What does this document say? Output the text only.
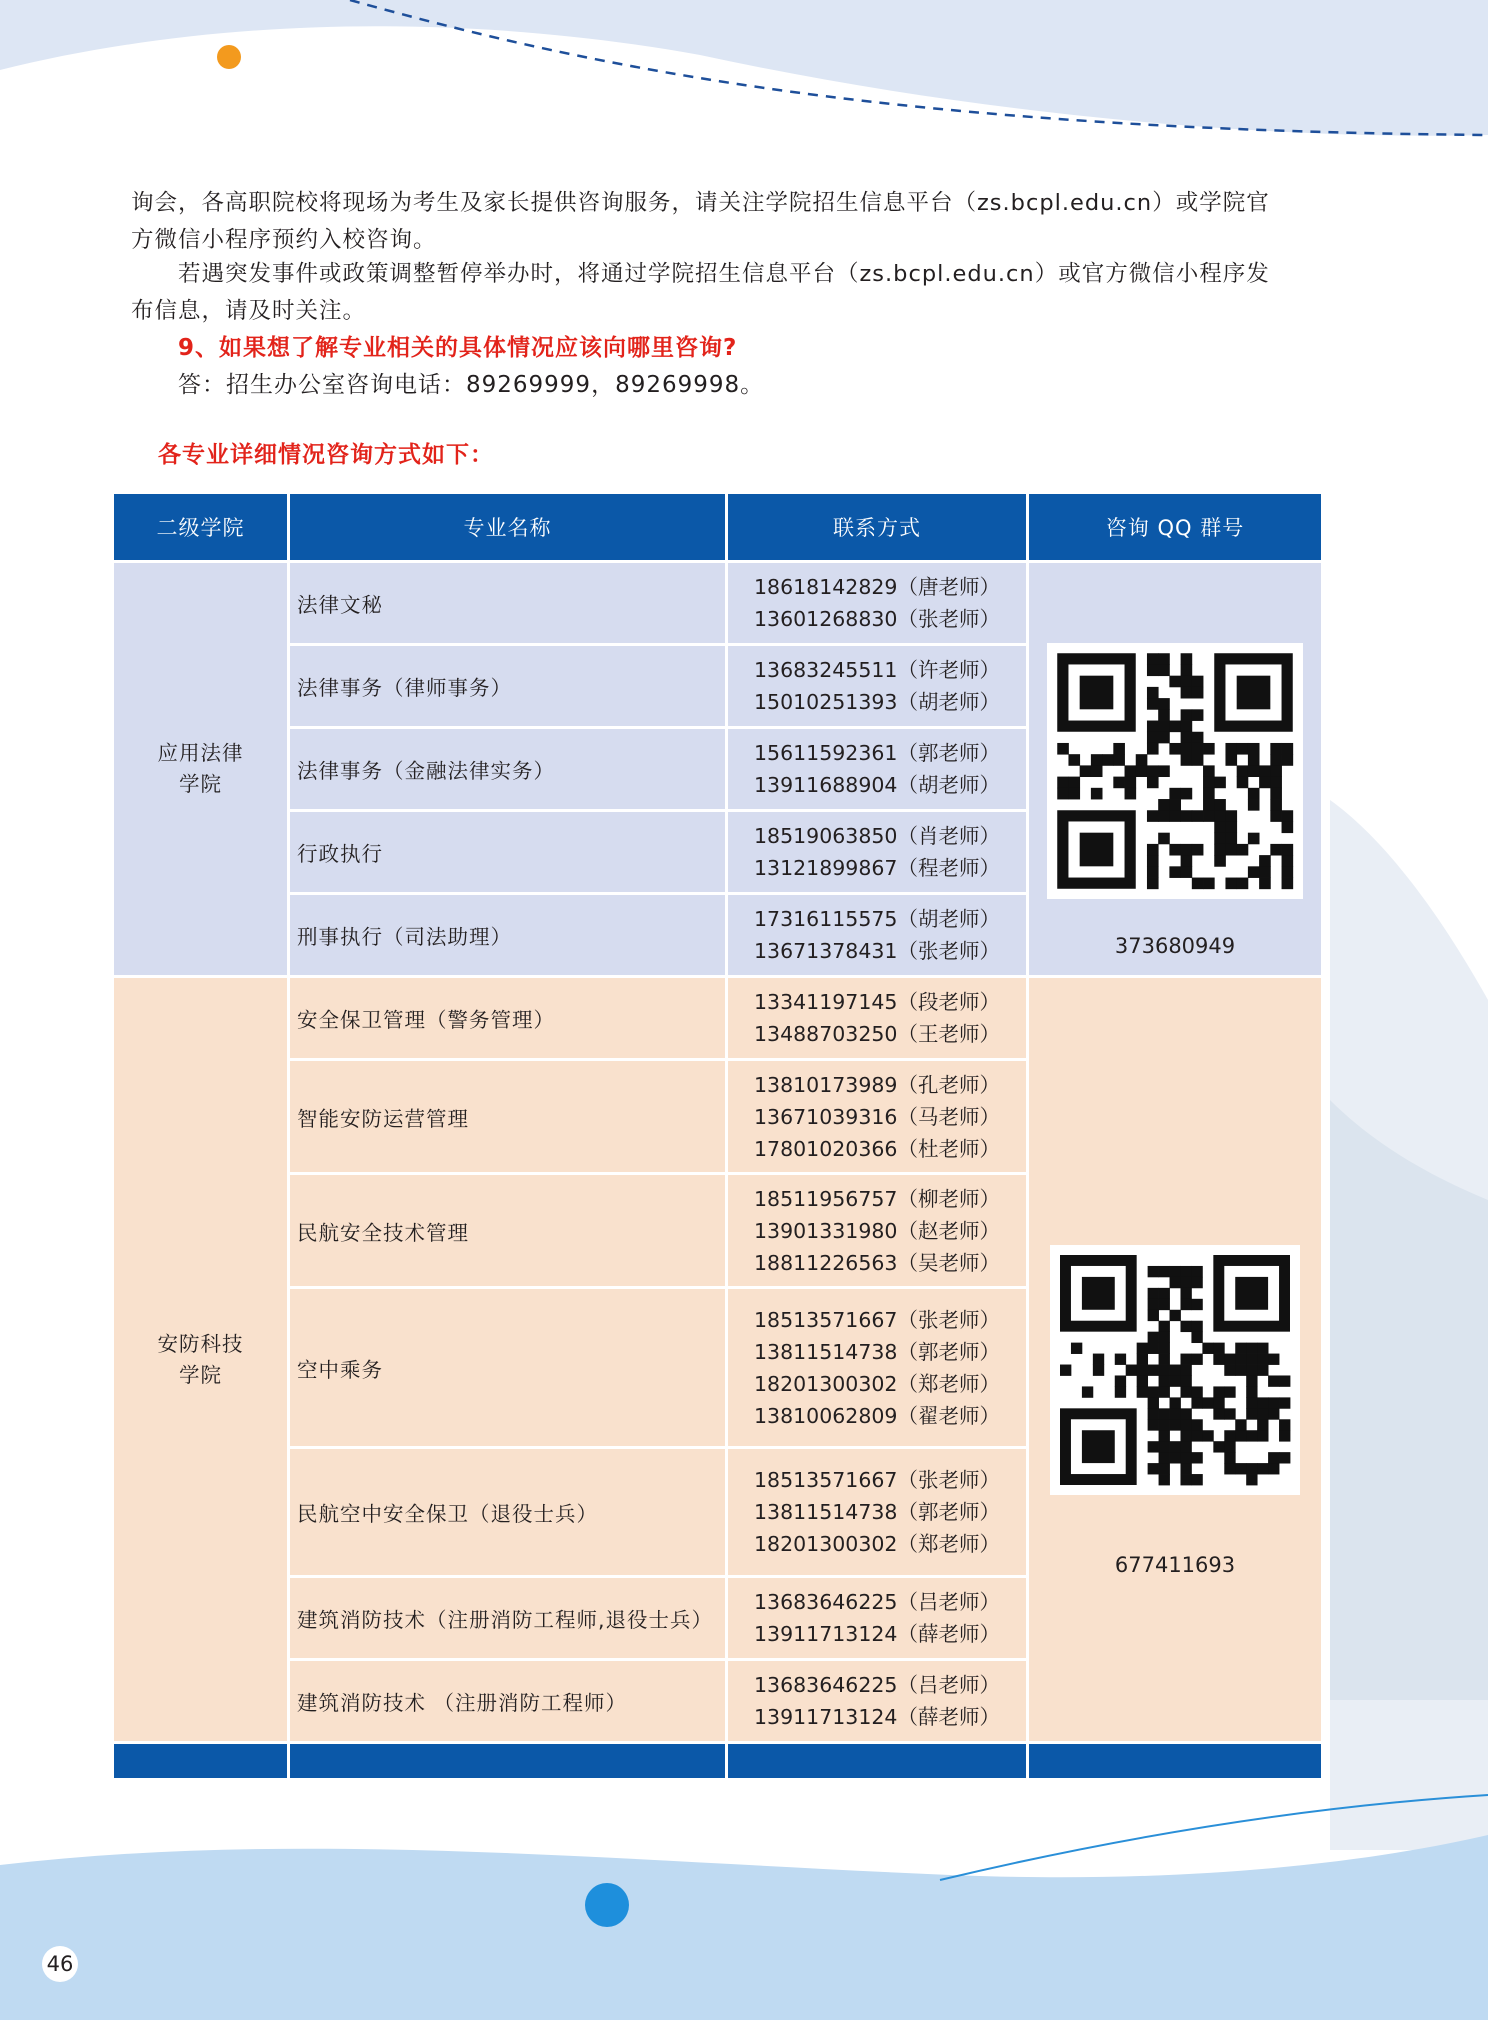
询会，各高职院校将现场为考生及家长提供咨询服务，请关注学院招生信息平台（zs.bcpl.edu.cn）或学院官
方微信小程序预约入校咨询。

若遇突发事件或政策调整暂停举办时，将通过学院招生信息平台（zs.bcpl.edu.cn）或官方微信小程序发
布信息，请及时关注。

9、如果想了解专业相关的具体情况应该向哪里咨询?
答：招生办公室咨询电话：89269999，89269998。
各专业详细情况咨询方式如下：
二级学院	专业名称	联系方式	咨询 QQ 群号
应用法律
学院	法律文秘	18618142829（唐老师）
13601268830（张老师）	373680949

	法律事务（律师事务）	13683245511（许老师）
15010251393（胡老师）	

	法律事务（金融法律实务）	15611592361（郭老师）
13911688904（胡老师）	

	行政执行	18519063850（肖老师）
13121899867（程老师）	

	刑事执行（司法助理）	17316115575（胡老师）
13671378431（张老师）	

安防科技
学院	安全保卫管理（警务管理）	13341197145（段老师）
13488703250（王老师）	677411693

	智能安防运营管理	13810173989（孔老师）
13671039316（马老师）
17801020366（杜老师）	

	民航安全技术管理	18511956757（柳老师）
13901331980（赵老师）
18811226563（吴老师）	

	空中乘务	18513571667（张老师）
13811514738（郭老师）
18201300302（郑老师）
13810062809（翟老师）	

	民航空中安全保卫（退役士兵）	18513571667（张老师）
13811514738（郭老师）
18201300302（郑老师）	

	建筑消防技术（注册消防工程师,退役士兵）	13683646225（吕老师）
13911713124（薛老师）	

	建筑消防技术 （注册消防工程师）	13683646225（吕老师）
13911713124（薛老师）	

46
